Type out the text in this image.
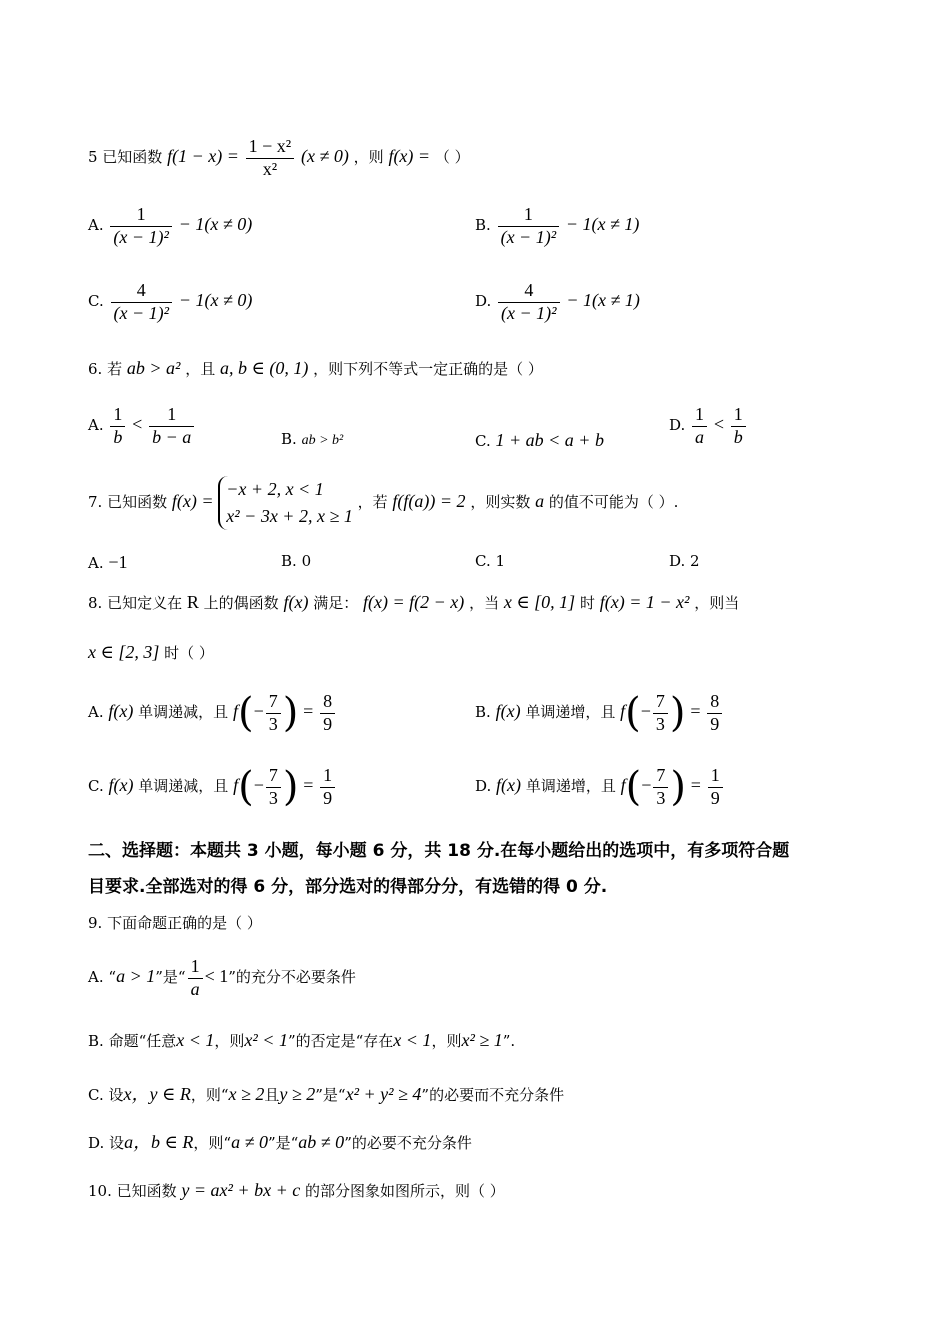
5 已知函数 $f(1 - x) = \frac{\text{1 − x²}}{\text{x²}} (x \ne 0)$ ，则 f(x) = （ ）
A. $\frac{1}{\text{(x − 1)²}} - 1(x \ne 0)$	B. $\frac{1}{\text{(x − 1)²}} - 1(x \ne 1)$
C. $\frac{4}{\text{(x − 1)²}} - 1(x \ne 0)$	D. $\frac{4}{\text{(x − 1)²}} - 1(x \ne 1)$
6. 若 ab > a² ，且 a, b ∈ (0, 1) ，则下列不等式一定正确的是（ ）
A. $\frac{1}{b} < \frac{1}{b - a}$	B. ab > b²	C. 1 + ab < a + b
D. $\frac{1}{a} < \frac{1}{b}$
7. 已知函数 f(x) =
−x + 2, x < 1
x² − 3x + 2, x ≥ 1
，若 f(f(a)) = 2 ，则实数 a 的值不可能为（ ）.
A. −1	B. 0	C. 1	D. 2
8. 已知定义在 R 上的偶函数 f(x) 满足： f(x) = f(2 − x) ，当 x ∈ [0, 1] 时 f(x) = 1 − x² ，则当
x ∈ [2, 3] 时（ ）
A. f(x) 单调递减，且 $f(- \frac{7}{3}$ ) = $\frac{8}{9}$	B. f(x) 单调递增，且 $f(- \frac{7}{3}$ ) = $\frac{8}{9}$
C. f(x) 单调递减，且 $f(- \frac{7}{3}$ ) = $\frac{1}{9}$	D. f(x) 单调递增，且 $f(- \frac{7}{3}$ ) = $\frac{1}{9}$
二、选择题：本题共 3 小题，每小题 6 分，共 18 分.在每小题给出的选项中，有多项符合题
目要求.全部选对的得 6 分，部分选对的得部分分，有选错的得 0 分.
9. 下面命题正确的是（ ）
A. “a > 1”是“ $\frac{1}{a} < 1$”的充分不必要条件
B. 命题“任意x < 1，则x² < 1”的否定是“存在x < 1，则x² ≥ 1”.
C. 设x，y ∈ R，则“x ≥ 2且y ≥ 2”是“x² + y² ≥ 4”的必要而不充分条件
D. 设a，b ∈ R，则“a ≠ 0”是“ab ≠ 0”的必要不充分条件
10. 已知函数 y = ax² + bx + c 的部分图象如图所示，则（ ）
